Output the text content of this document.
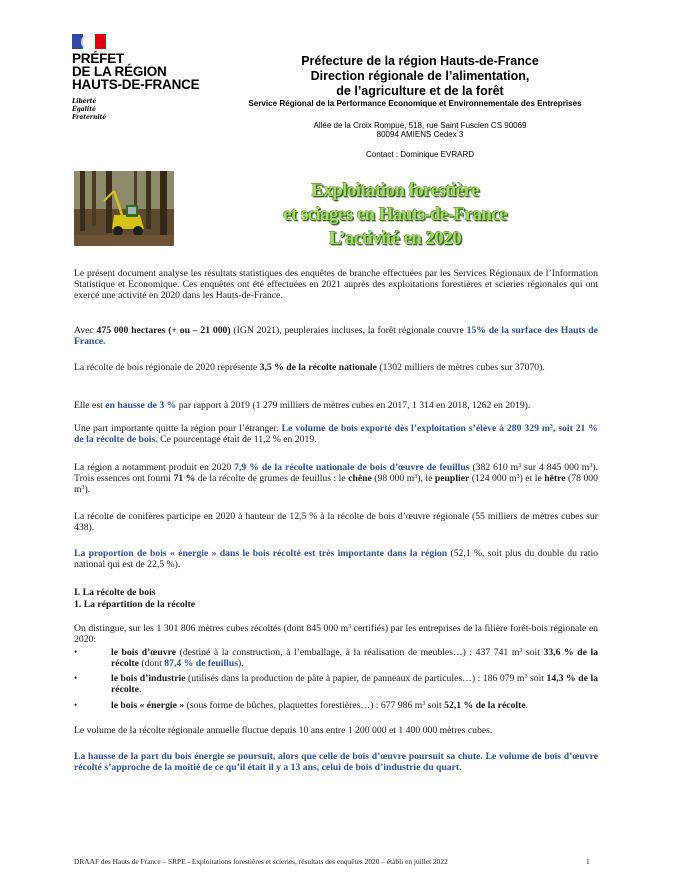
PRÉFET
DE LA RÉGION
HAUTS-DE-FRANCE
Liberté
Égalité
Fraternité
Préfecture de la région Hauts-de-France
Direction régionale de l’alimentation,
de l’agriculture et de la forêt
Service Régional de la Performance Economique et Environnementale des Entreprises
Allée de la Croix Rompue, 518, rue Saint Fuscien CS 90069
80094 AMIENS Cedex 3
Contact : Dominique EVRARD
Exploitation forestière
et sciages en Hauts-de-France
L’activité en 2020
Le présent document analyse les résultats statistiques des enquêtes de branche effectuées par les Services Régionaux de l’Information Statistique et Economique. Ces enquêtes ont été effectuées en 2021 auprès des exploitations forestières et scieries régionales qui ont exercé une activité en 2020 dans les Hauts-de-France.
Avec 475 000 hectares (+ ou – 21 000) (IGN 2021), peupleraies incluses, la forêt régionale couvre 15% de la surface des Hauts de France.
La récolte de bois régionale de 2020 représente 3,5 % de la récolte nationale (1302 milliers de mètres cubes sur 37070).
Elle est en hausse de 3 % par rapport à 2019 (1 279 milliers de mètres cubes en 2017, 1 314 en 2018, 1262 en 2019).
Une part importante quitte la région pour l’étranger. Le volume de bois exporté dès l’exploitation s’élève à 280 329 $m^3$, soit 21 % de la récolte de bois. Ce pourcentage était de 11,2 % en 2019.
La région a notamment produit en 2020 7,9 % de la récolte nationale de bois d’œuvre de feuillus (382 610 $m^3$ sur 4 845 000 $m^3$). Trois essences ont fourni 71 % de la récolte de grumes de feuillus : le chêne (98 000 $m^3$), le peuplier (124 000 $m^3$) et le hêtre (78 000 $m^3$).
La récolte de conifères participe en 2020 à hauteur de 12,5 % à la récolte de bois d’œuvre régionale (55 milliers de mètres cubes sur 438).
La proportion de bois « énergie » dans le bois récolté est très importante dans la région (52,1 %, soit plus du double du ratio national qui est de 22,5 %).
I. La récolte de bois
1. La répartition de la récolte
On distingue, sur les 1 301 806 mètres cubes récoltés (dont 845 000 $m^3$ certifiés) par les entreprises de la filière forêt-bois régionale en 2020:
•	le bois d’œuvre (destiné à la construction, à l’emballage, à la réalisation de meubles…) : 437 741 $m^3$ soit 33,6 % de la récolte (dont 87,4 % de feuillus).
•	le bois d’industrie (utilisés dans la production de pâte à papier, de panneaux de particules…) : 186 079 $m^3$ soit 14,3 % de la récolte.
•	le bois « énergie » (sous forme de bûches, plaquettes forestières…) : 677 986 $m^3$ soit 52,1 % de la récolte.
Le volume de la récolte régionale annuelle fluctue depuis 10 ans entre 1 200 000 et 1 400 000 mètres cubes.
La hausse de la part du bois énergie se poursuit, alors que celle de bois d’œuvre poursuit sa chute. Le volume de bois d’œuvre récolté s’approche de la moitié de ce qu’il était il y a 13 ans, celui de bois d’industrie du quart.
DRAAF des Hauts de France – SRPE - Exploitations forestières et scieries, résultats des enquêtes 2020 – établi en juillet 2022	1
